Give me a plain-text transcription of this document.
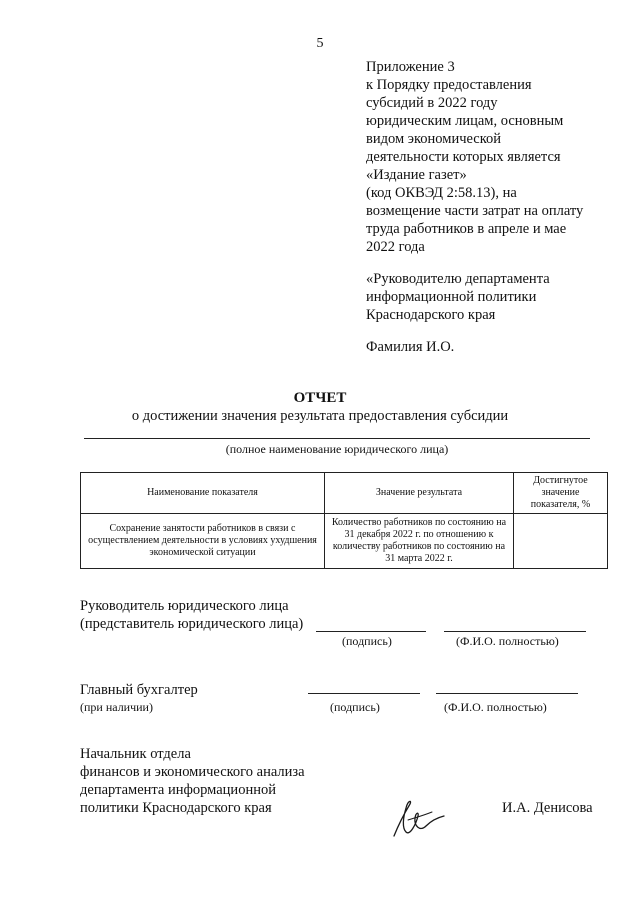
5
Приложение 3
к Порядку предоставления
субсидий в 2022 году
юридическим лицам, основным
видом экономической
деятельности которых является
«Издание газет»
(код ОКВЭД 2:58.13), на
возмещение части затрат на оплату
труда работников в апреле и мае
2022 года
«Руководителю департамента
информационной политики
Краснодарского края
Фамилия И.О.
ОТЧЕТ
о достижении значения результата предоставления субсидии
(полное наименование юридического лица)
Наименование показателя	Значение результата	Достигнутое значение показателя, %
Сохранение занятости работников в связи с осуществлением деятельности в условиях ухудшения экономической ситуации	Количество работников по состоянию на 31 декабря 2022 г. по отношению к количеству работников по состоянию на 31 марта 2022 г.	
Руководитель юридического лица
(представитель юридического лица)
(подпись)	(Ф.И.О. полностью)
Главный бухгалтер
(при наличии)	(подпись)	(Ф.И.О. полностью)
Начальник отдела
финансов и экономического анализа
департамента информационной
политики Краснодарского края	И.А. Денисова
